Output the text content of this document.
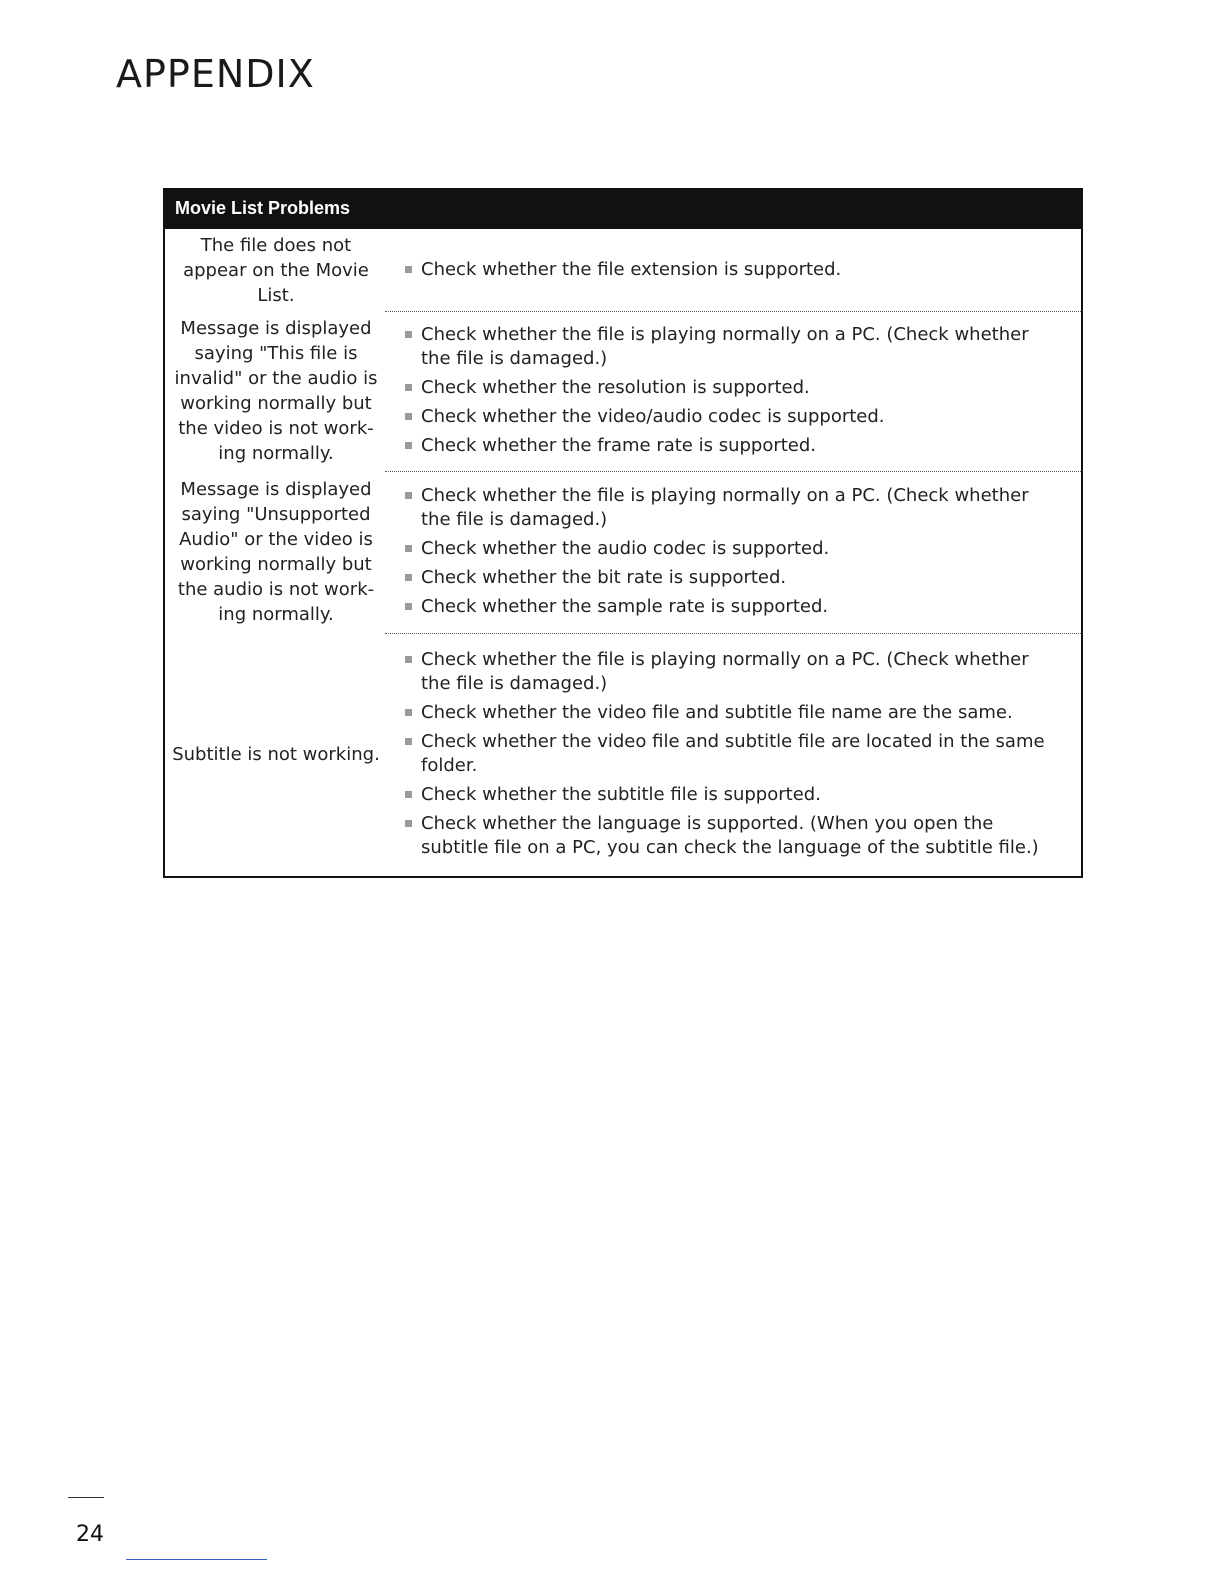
APPENDIX
Movie List Problems
The file does not
appear on the Movie
List.
Check whether the file extension is supported.
Message is displayed
saying "This file is
invalid" or the audio is
working normally but
the video is not work-
ing normally.
Check whether the file is playing normally on a PC. (Check whether the file is damaged.)
Check whether the resolution is supported.
Check whether the video/audio codec is supported.
Check whether the frame rate is supported.
Message is displayed
saying "Unsupported
Audio" or the video is
working normally but
the audio is not work-
ing normally.
Check whether the file is playing normally on a PC. (Check whether the file is damaged.)
Check whether the audio codec is supported.
Check whether the bit rate is supported.
Check whether the sample rate is supported.
Subtitle is not working.
Check whether the file is playing normally on a PC. (Check whether the file is damaged.)
Check whether the video file and subtitle file name are the same.
Check whether the video file and subtitle file are located in the same folder.
Check whether the subtitle file is supported.
Check whether the language is supported. (When you open the subtitle file on a PC, you can check the language of the subtitle file.)
24
